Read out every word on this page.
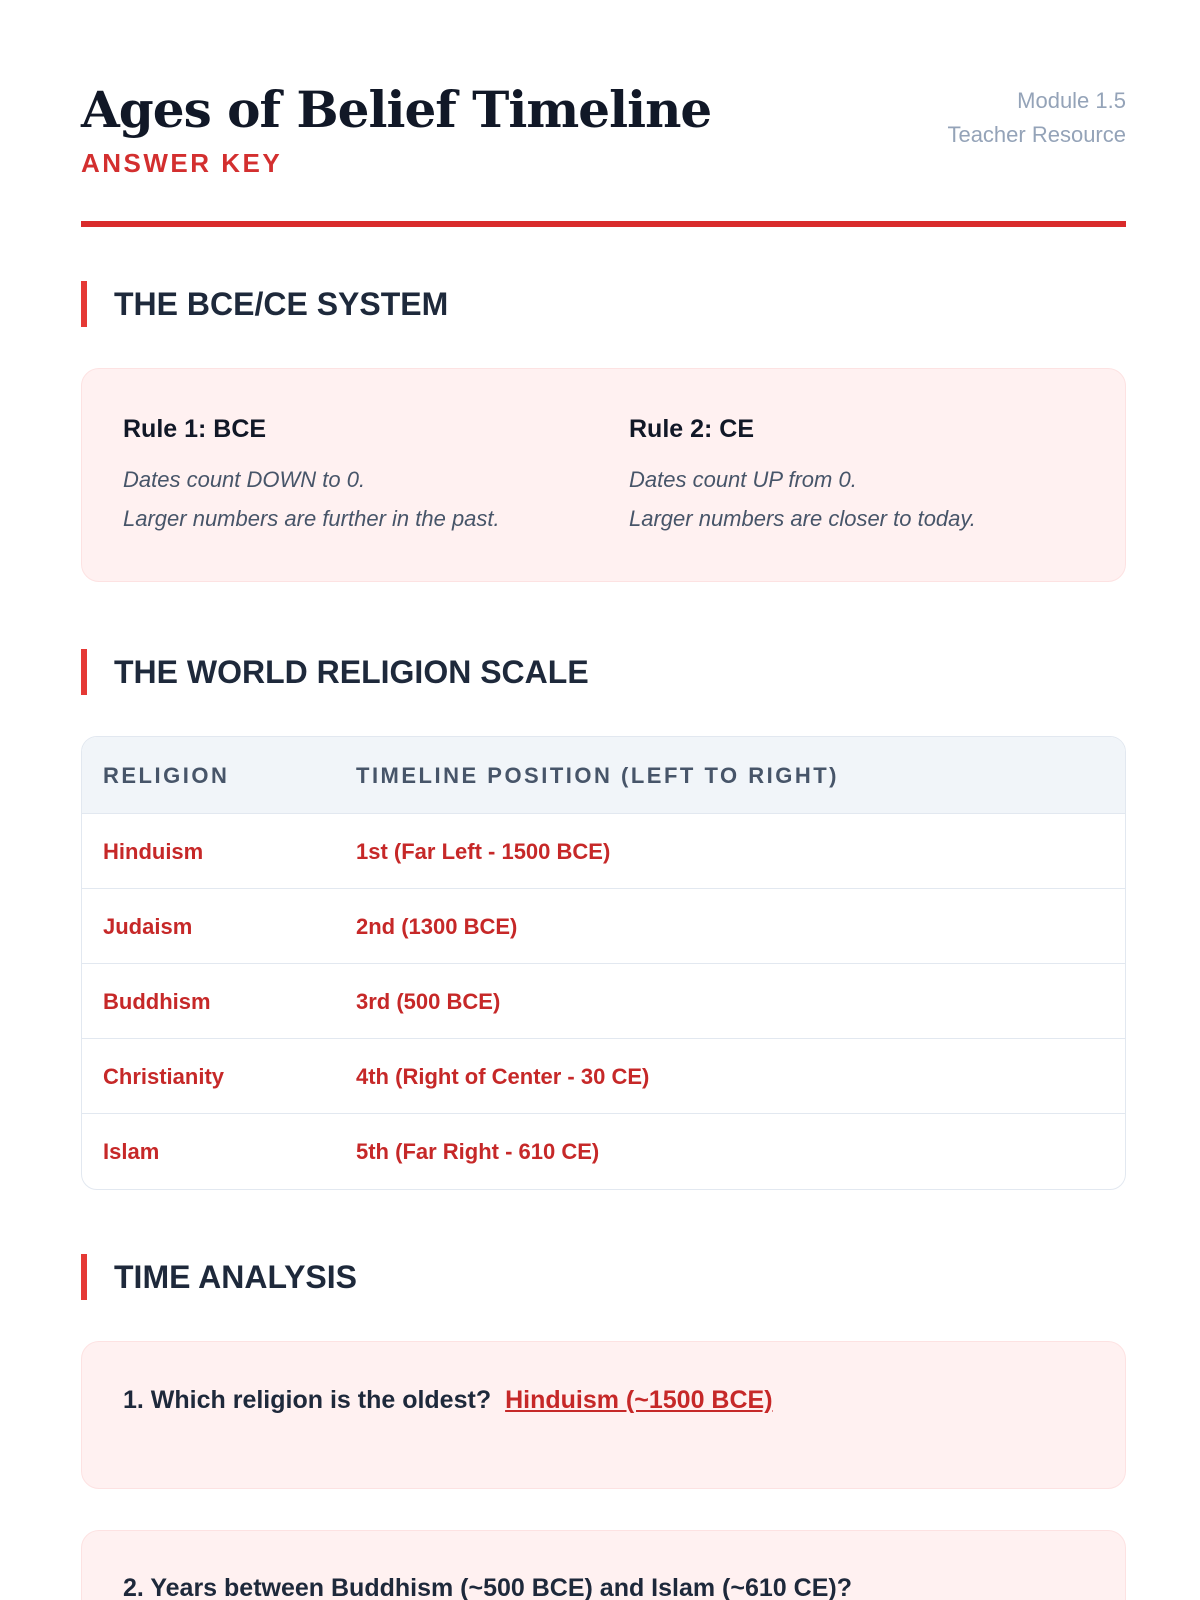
Ages of Belief Timeline
ANSWER KEY
Module 1.5
Teacher Resource
THE BCE/CE SYSTEM
Rule 1: BCE

Dates count DOWN to 0.
Larger numbers are further in the past.

Rule 2: CE

Dates count UP from 0.
Larger numbers are closer to today.

THE WORLD RELIGION SCALE
RELIGION	TIMELINE POSITION (LEFT TO RIGHT)
Hinduism	1st (Far Left - 1500 BCE)
Judaism	2nd (1300 BCE)
Buddhism	3rd (500 BCE)
Christianity	4th (Right of Center - 30 CE)
Islam	5th (Far Right - 610 CE)
TIME ANALYSIS
1. Which religion is the oldest? Hinduism (~1500 BCE)
2. Years between Buddhism (~500 BCE) and Islam (~610 CE)?
